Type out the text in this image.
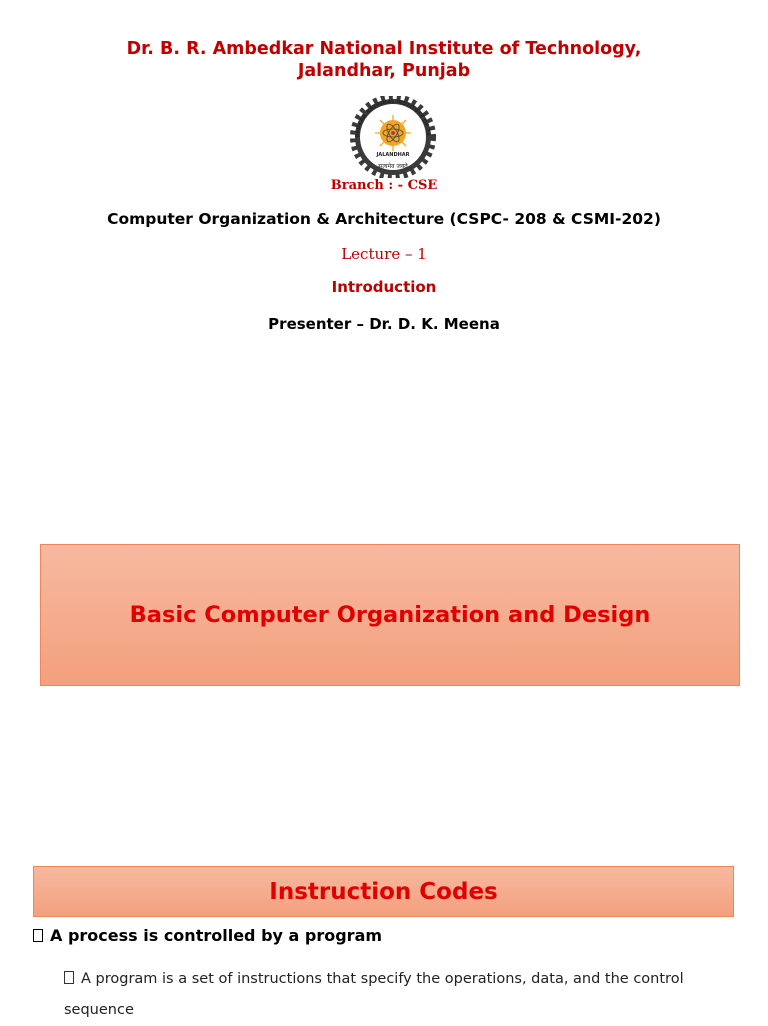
Dr. B. R. Ambedkar National Institute of Technology,
Jalandhar, Punjab
BEDKAR NATIONAL INSTITUTE OF TE
JALANDHAR
सत्यमेव जयते
Branch : - CSE
Computer Organization & Architecture (CSPC- 208 & CSMI-202)
Lecture – 1
Introduction
Presenter – Dr. D. K. Meena
Basic Computer Organization and Design
Instruction Codes
A process is controlled by a program
A program is a set of instructions that specify the operations, data, and the control sequence
